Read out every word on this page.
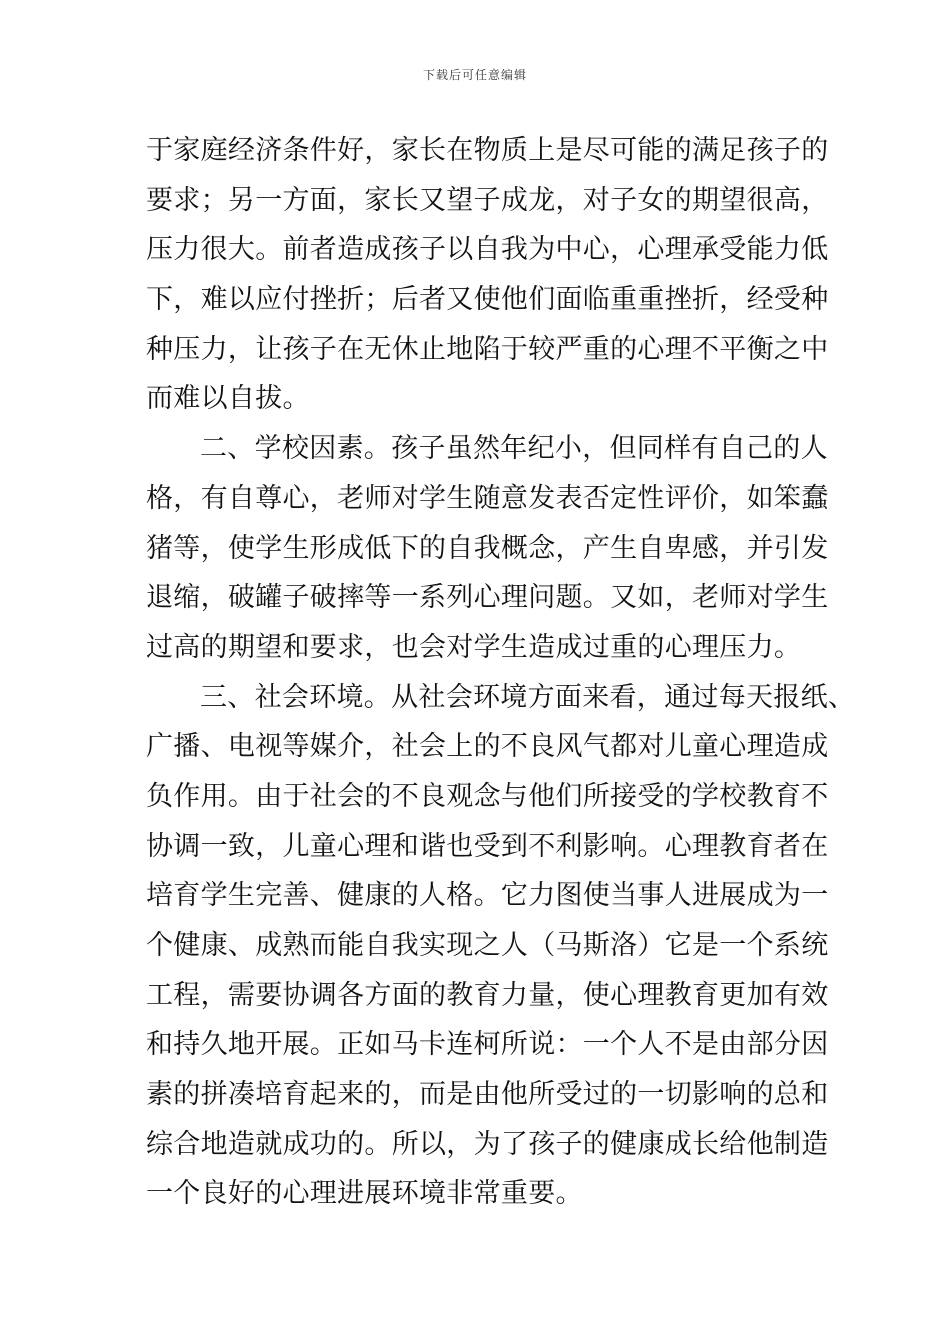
下载后可任意编辑
于家庭经济条件好，家长在物质上是尽可能的满足孩子的
要求；另一方面，家长又望子成龙，对子女的期望很高，
压力很大。前者造成孩子以自我为中心，心理承受能力低
下，难以应付挫折；后者又使他们面临重重挫折，经受种
种压力，让孩子在无休止地陷于较严重的心理不平衡之中
而难以自拔。
二、学校因素。孩子虽然年纪小，但同样有自己的人
格，有自尊心，老师对学生随意发表否定性评价，如笨蠢
猪等，使学生形成低下的自我概念，产生自卑感，并引发
退缩，破罐子破摔等一系列心理问题。又如，老师对学生
过高的期望和要求，也会对学生造成过重的心理压力。
三、社会环境。从社会环境方面来看，通过每天报纸、
广播、电视等媒介，社会上的不良风气都对儿童心理造成
负作用。由于社会的不良观念与他们所接受的学校教育不
协调一致，儿童心理和谐也受到不利影响。心理教育者在
培育学生完善、健康的人格。它力图使当事人进展成为一
个健康、成熟而能自我实现之人（马斯洛）它是一个系统
工程，需要协调各方面的教育力量，使心理教育更加有效
和持久地开展。正如马卡连柯所说：一个人不是由部分因
素的拼凑培育起来的，而是由他所受过的一切影响的总和
综合地造就成功的。所以，为了孩子的健康成长给他制造
一个良好的心理进展环境非常重要。
